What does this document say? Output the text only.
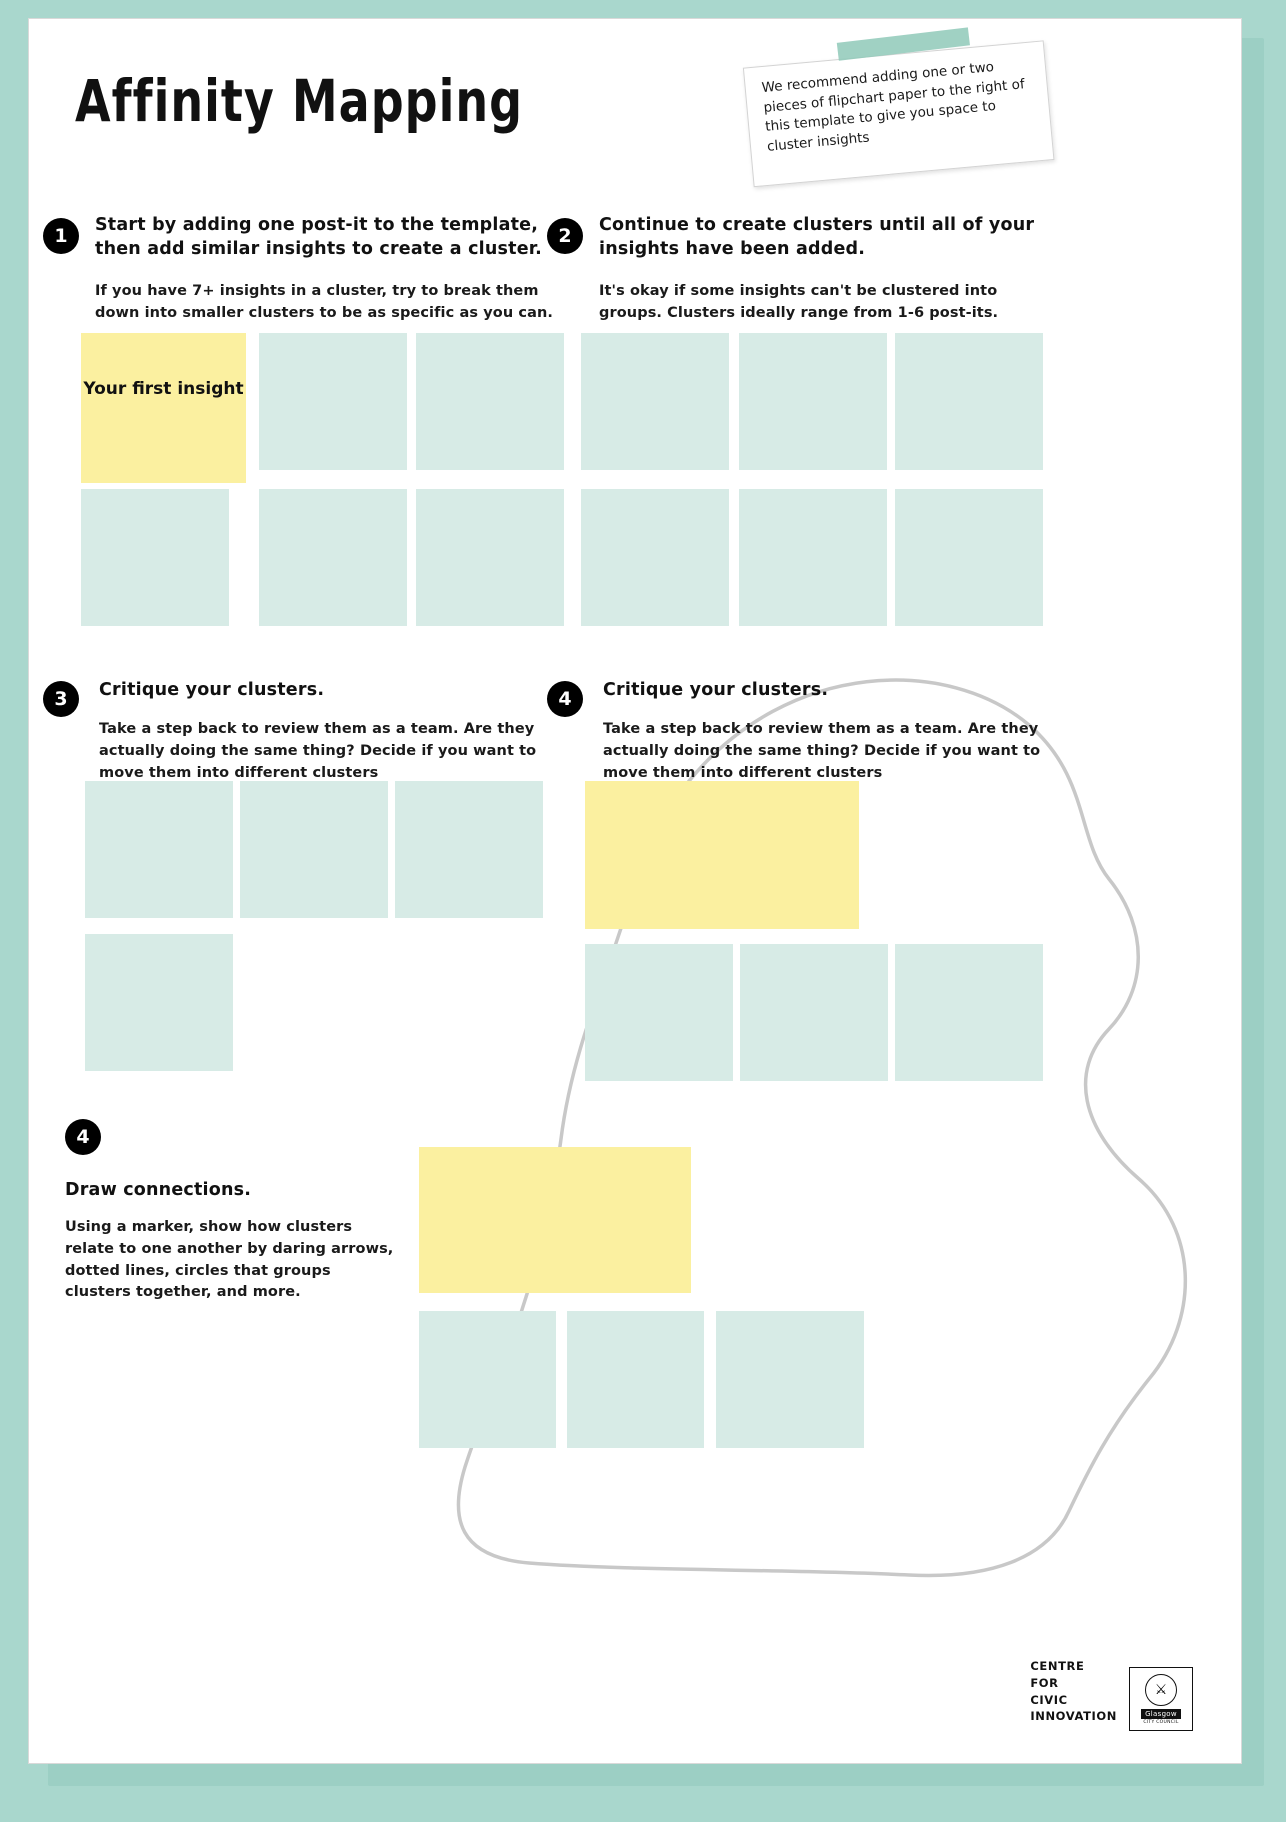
Affinity Mapping	We recommend adding one or two pieces of flipchart paper to the right of this template to give you space to cluster insights
1	Start by adding one post-it to the template, then add similar insights to create a cluster.
If you have 7+ insights in a cluster, try to break them down into smaller clusters to be as specific as you can.
Your first insight
2	Continue to create clusters until all of your insights have been added.
It's okay if some insights can't be clustered into groups. Clusters ideally range from 1-6 post-its.
3	Critique your clusters.
Take a step back to review them as a team. Are they actually doing the same thing? Decide if you want to move them into different clusters
4	Critique your clusters.
Take a step back to review them as a team. Are they actually doing the same thing? Decide if you want to move them into different clusters
4
Draw connections.
Using a marker, show how clusters relate to one another by daring arrows, dotted lines, circles that groups clusters together, and more.
CENTRE
FOR
CIVIC
INNOVATION
⚔
Glasgow
CITY COUNCIL
